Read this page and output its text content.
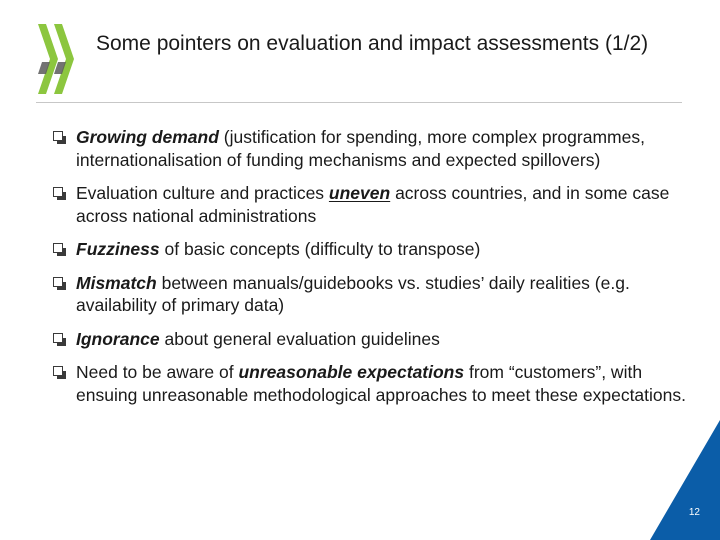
Some pointers on evaluation and impact assessments (1/2)
Growing demand (justification for spending, more complex programmes, internationalisation of funding mechanisms and expected spillovers)
Evaluation culture and practices uneven across countries, and in some case across national administrations
Fuzziness of basic concepts (difficulty to transpose)
Mismatch between manuals/guidebooks vs. studies’ daily realities (e.g. availability of primary data)
Ignorance about general evaluation guidelines
Need to be aware of unreasonable expectations from “customers”, with ensuing unreasonable methodological approaches to meet these expectations.
12
